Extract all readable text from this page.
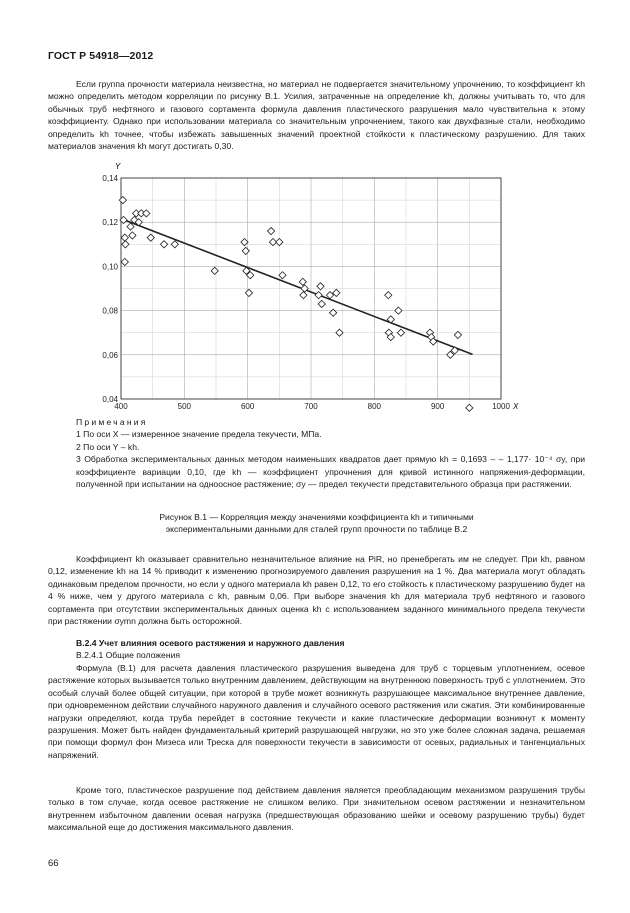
ГОСТ Р 54918—2012

Если группа прочности материала неизвестна, но материал не подвергается значительному упрочнению, то коэффициент kh можно определить методом корреляции по рисунку В.1. Усилия, затраченные на определение kh, должны учитывать то, что для обычных труб нефтяного и газового сортамента формула давления пластического разрушения мало чувствительна к этому коэффициенту. Однако при использовании материала со значительным упрочнением, такого как двухфазные стали, необходимо определить kh точнее, чтобы избежать завышенных значений проектной стойкости к пластическому разрушению. Для таких материалов значения kh могут достигать 0,30.

0,04
0,06
0,08
0,10
0,12
0,14
400	500	600	700	800	900	1000
Y
X
Примечания
1 По оси X — измеренное значение предела текучести, МПа.
2 По оси Y – kh.
3 Обработка экспериментальных данных методом наименьших квадратов дает прямую kh = 0,1693 – – 1,177· 10⁻⁴ σy, при коэффициенте вариации 0,10, где kh — коэффициент упрочнения для кривой истинного напряжения-деформации, полученной при испытании на одноосное растяжение; σy — предел текучести представительного образца при растяжении.
Рисунок В.1 — Корреляция между значениями коэффициента kh и типичными
экспериментальными данными для сталей групп прочности по таблице В.2

Коэффициент kh оказывает сравнительно незначительное влияние на PiR, но пренебрегать им не следует. При kh, равном 0,12, изменение kh на 14 % приводит к изменению прогнозируемого давления разрушения на 1 %. Два материала могут обладать одинаковым пределом прочности, но если у одного материала kh равен 0,12, то его стойкость к пластическому разрушению будет на 4 % ниже, чем у другого материала с kh, равным 0,06. При выборе значения kh для материала труб нефтяного и газового сортамента при отсутствии экспериментальных данных оценка kh с использованием заданного минимального предела текучести при растяжении σymn должна быть осторожной.

В.2.4 Учет влияния осевого растяжения и наружного давления
В.2.4.1 Общие положения

Формула (В.1) для расчета давления пластического разрушения выведена для труб с торцевым уплотнением, осевое растяжение которых вызывается только внутренним давлением, действующим на внутреннюю поверхность труб с уплотнением. Это особый случай более общей ситуации, при которой в трубе может возникнуть разрушающее максимальное внутреннее давление, при одновременном действии случайного наружного давления и случайного осевого растяжения или сжатия. Эти комбинированные нагрузки определяют, когда труба перейдет в состояние текучести и какие пластические деформации возникнут к моменту разрушения. Может быть найден фундаментальный критерий разрушающей нагрузки, но это уже более сложная задача, решаемая при помощи формул фон Мизеса или Треска для поверхности текучести в зависимости от осевых, радиальных и тангенциальных напряжений.

Кроме того, пластическое разрушение под действием давления является преобладающим механизмом разрушения трубы только в том случае, когда осевое растяжение не слишком велико. При значительном осевом растяжении и незначительном внутреннем избыточном давлении осевая нагрузка (предшествующая образованию шейки и осевому разрушению трубы) будет максимальной еще до достижения максимального давления.

66
